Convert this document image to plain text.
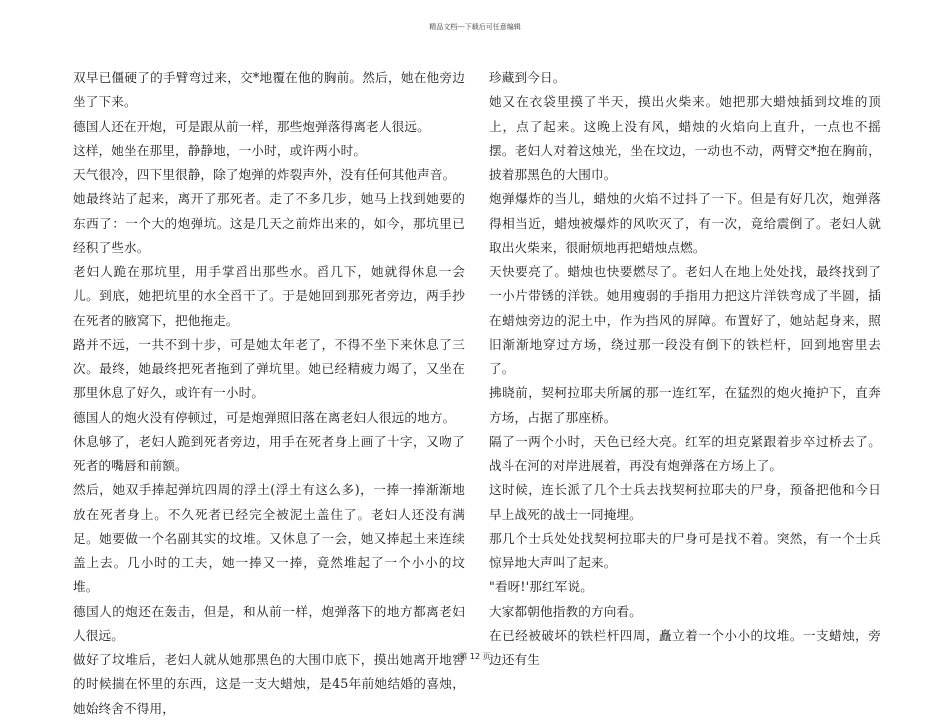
精品文档---下载后可任意编辑

双早已僵硬了的手臂弯过来，交*地覆在他的胸前。然后，她在他旁边坐了下来。

德国人还在开炮，可是跟从前一样，那些炮弹落得离老人很远。

这样，她坐在那里，静静地，一小时，或许两小时。

天气很冷，四下里很静，除了炮弹的炸裂声外，没有任何其他声音。

她最终站了起来，离开了那死者。走了不多几步，她马上找到她要的东西了：一个大的炮弹坑。这是几天之前炸出来的，如今，那坑里已经积了些水。

老妇人跪在那坑里，用手掌舀出那些水。舀几下，她就得休息一会儿。到底，她把坑里的水全舀干了。于是她回到那死者旁边，两手抄在死者的腋窝下，把他拖走。

路并不远，一共不到十步，可是她太年老了，不得不坐下来休息了三次。最终，她最终把死者拖到了弹坑里。她已经精疲力竭了，又坐在那里休息了好久，或许有一小时。

德国人的炮火没有停顿过，可是炮弹照旧落在离老妇人很远的地方。

休息够了，老妇人跪到死者旁边，用手在死者身上画了十字，又吻了死者的嘴唇和前额。

然后，她双手捧起弹坑四周的浮土(浮土有这么多)，一捧一捧渐渐地放在死者身上。不久死者已经完全被泥土盖住了。老妇人还没有满足。她要做一个名副其实的坟堆。又休息了一会，她又捧起土来连续盖上去。几小时的工夫，她一捧又一捧，竟然堆起了一个小小的坟堆。

德国人的炮还在轰击，但是，和从前一样，炮弹落下的地方都离老妇人很远。

做好了坟堆后，老妇人就从她那黑色的大围巾底下，摸出她离开地窖的时候揣在怀里的东西，这是一支大蜡烛，是45年前她结婚的喜烛，她始终舍不得用，

珍藏到今日。

她又在衣袋里摸了半天，摸出火柴来。她把那大蜡烛插到坟堆的顶上，点了起来。这晚上没有风，蜡烛的火焰向上直升，一点也不摇摆。老妇人对着这烛光，坐在坟边，一动也不动，两臂交*抱在胸前，披着那黑色的大围巾。

炮弹爆炸的当儿，蜡烛的火焰不过抖了一下。但是有好几次，炮弹落得相当近，蜡烛被爆炸的风吹灭了，有一次，竟给震倒了。老妇人就取出火柴来，很耐烦地再把蜡烛点燃。

天快要亮了。蜡烛也快要燃尽了。老妇人在地上处处找，最终找到了一小片带锈的洋铁。她用瘦弱的手指用力把这片洋铁弯成了半圆，插在蜡烛旁边的泥土中，作为挡风的屏障。布置好了，她站起身来，照旧渐渐地穿过方场，绕过那一段没有倒下的铁栏杆，回到地窖里去了。

拂晓前，契柯拉耶夫所属的那一连红军，在猛烈的炮火掩护下，直奔方场，占据了那座桥。

隔了一两个小时，天色已经大亮。红军的坦克紧跟着步卒过桥去了。战斗在河的对岸进展着，再没有炮弹落在方场上了。

这时候，连长派了几个士兵去找契柯拉耶夫的尸身，预备把他和今日早上战死的战士一同掩埋。

那几个士兵处处找契柯拉耶夫的尸身可是找不着。突然，有一个士兵惊异地大声叫了起来。

"看呀!'那红军说。

大家都朝他指教的方向看。

在已经被破坏的铁栏杆四周，矗立着一个小小的坟堆。一支蜡烛，旁边还有生

第 12 页
